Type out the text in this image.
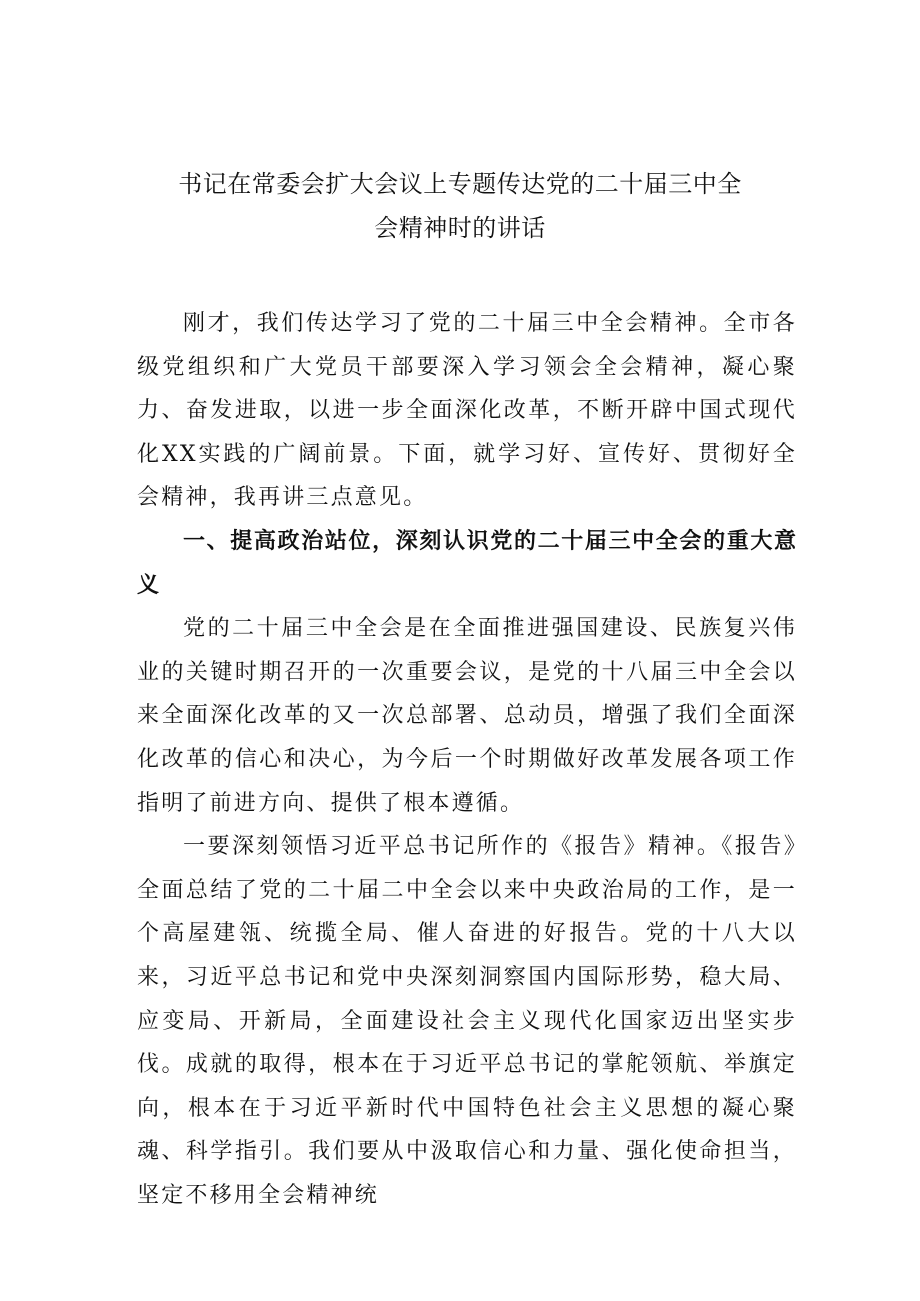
书记在常委会扩大会议上专题传达党的二十届三中全
会精神时的讲话

刚才，我们传达学习了党的二十届三中全会精神。全市各级党组织和广大党员干部要深入学习领会全会精神，凝心聚力、奋发进取，以进一步全面深化改革，不断开辟中国式现代化XX实践的广阔前景。下面，就学习好、宣传好、贯彻好全会精神，我再讲三点意见。

一、提高政治站位，深刻认识党的二十届三中全会的重大意义

党的二十届三中全会是在全面推进强国建设、民族复兴伟业的关键时期召开的一次重要会议，是党的十八届三中全会以来全面深化改革的又一次总部署、总动员，增强了我们全面深化改革的信心和决心，为今后一个时期做好改革发展各项工作指明了前进方向、提供了根本遵循。

一要深刻领悟习近平总书记所作的《报告》精神。《报告》全面总结了党的二十届二中全会以来中央政治局的工作，是一个高屋建瓴、统揽全局、催人奋进的好报告。党的十八大以来，习近平总书记和党中央深刻洞察国内国际形势，稳大局、应变局、开新局，全面建设社会主义现代化国家迈出坚实步伐。成就的取得，根本在于习近平总书记的掌舵领航、举旗定向，根本在于习近平新时代中国特色社会主义思想的凝心聚魂、科学指引。我们要从中汲取信心和力量、强化使命担当，坚定不移用全会精神统
